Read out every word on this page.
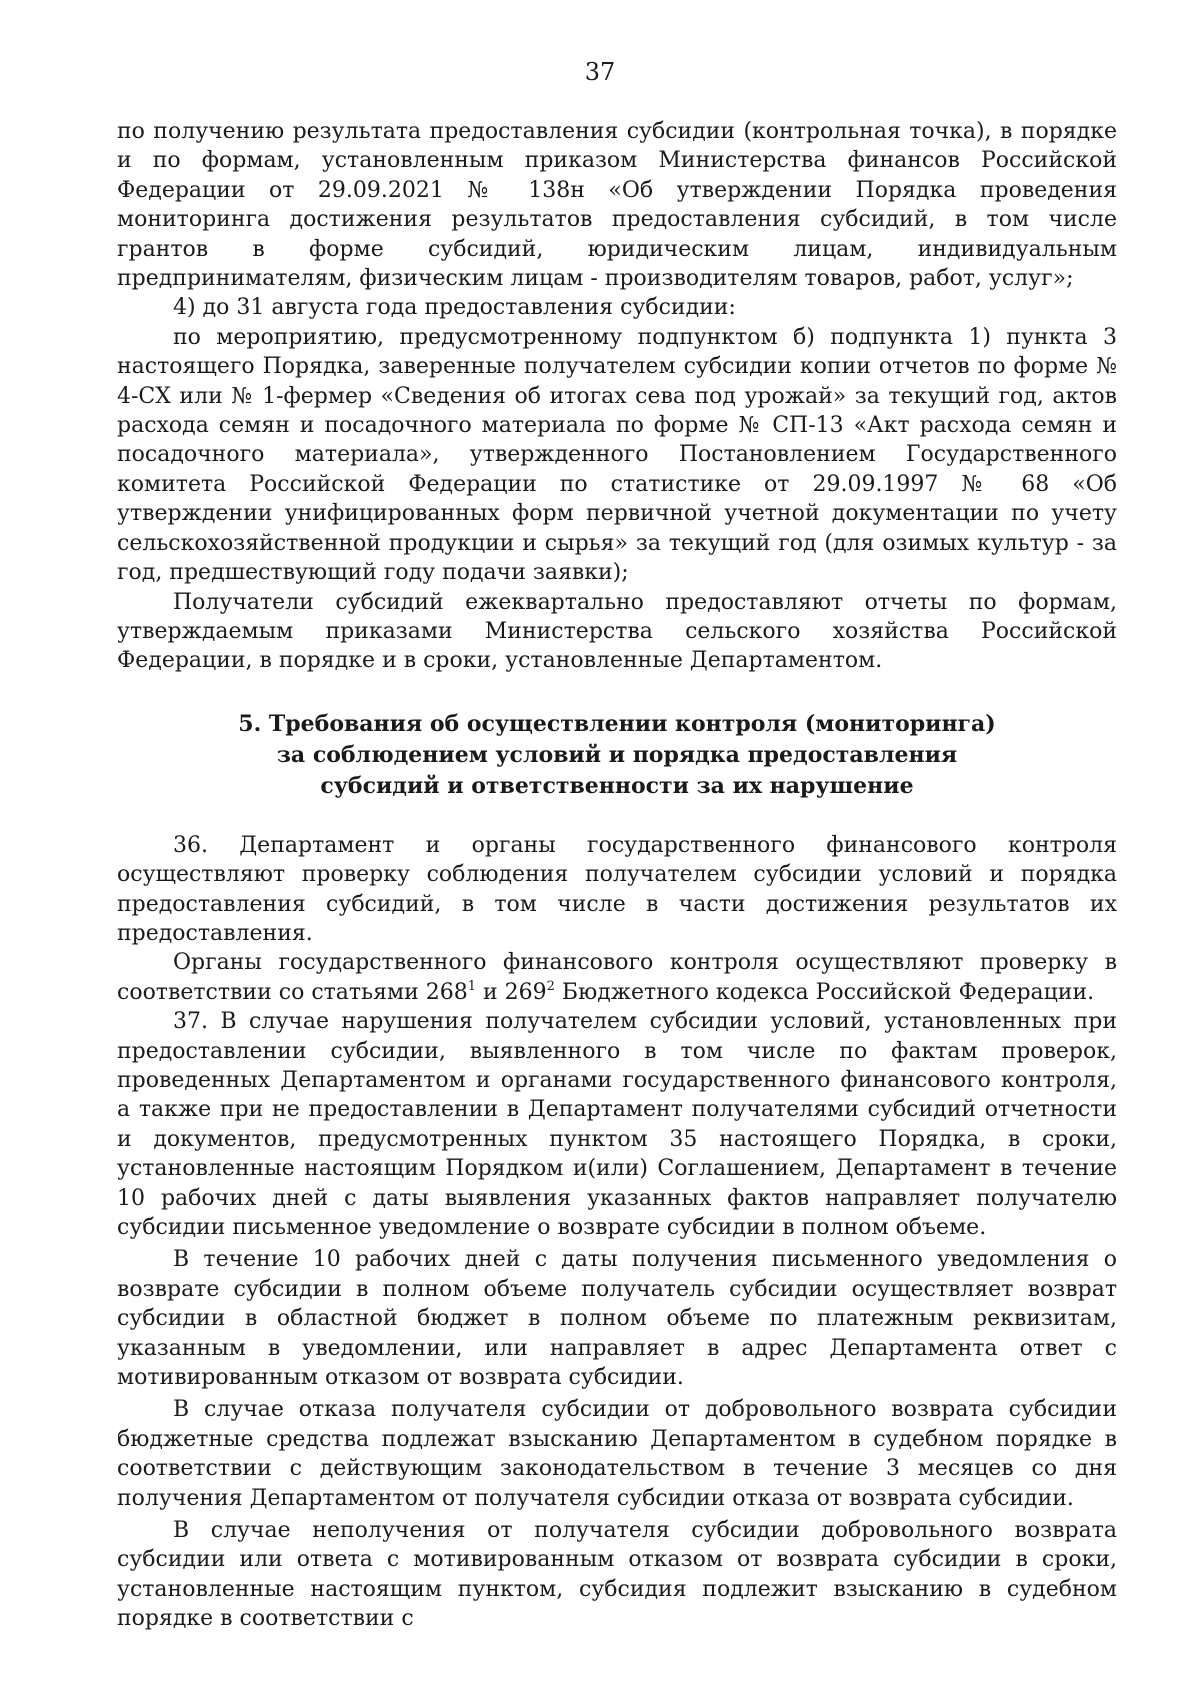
37

по получению результата предоставления субсидии (контрольная точка), в порядке и по формам, установленным приказом Министерства финансов Российской Федерации от 29.09.2021 № 138н «Об утверждении Порядка проведения мониторинга достижения результатов предоставления субсидий, в том числе грантов в форме субсидий, юридическим лицам, индивидуальным предпринимателям, физическим лицам - производителям товаров, работ, услуг»;

4) до 31 августа года предоставления субсидии:

по мероприятию, предусмотренному подпунктом б) подпункта 1) пункта 3 настоящего Порядка, заверенные получателем субсидии копии отчетов по форме № 4-СХ или № 1-фермер «Сведения об итогах сева под урожай» за текущий год, актов расхода семян и посадочного материала по форме № СП-13 «Акт расхода семян и посадочного материала», утвержденного Постановлением Государственного комитета Российской Федерации по статистике от 29.09.1997 № 68 «Об утверждении унифицированных форм первичной учетной документации по учету сельскохозяйственной продукции и сырья» за текущий год (для озимых культур - за год, предшествующий году подачи заявки);

Получатели субсидий ежеквартально предоставляют отчеты по формам, утверждаемым приказами Министерства сельского хозяйства Российской Федерации, в порядке и в сроки, установленные Департаментом.

5. Требования об осуществлении контроля (мониторинга)
за соблюдением условий и порядка предоставления
субсидий и ответственности за их нарушение

36. Департамент и органы государственного финансового контроля осуществляют проверку соблюдения получателем субсидии условий и порядка предоставления субсидий, в том числе в части достижения результатов их предоставления.

Органы государственного финансового контроля осуществляют проверку в соответствии со статьями $268^1$ и $269^2$ Бюджетного кодекса Российской Федерации.

37. В случае нарушения получателем субсидии условий, установленных при предоставлении субсидии, выявленного в том числе по фактам проверок, проведенных Департаментом и органами государственного финансового контроля, а также при не предоставлении в Департамент получателями субсидий отчетности и документов, предусмотренных пунктом 35 настоящего Порядка, в сроки, установленные настоящим Порядком и(или) Соглашением, Департамент в течение 10 рабочих дней с даты выявления указанных фактов направляет получателю субсидии письменное уведомление о возврате субсидии в полном объеме.

В течение 10 рабочих дней с даты получения письменного уведомления о возврате субсидии в полном объеме получатель субсидии осуществляет возврат субсидии в областной бюджет в полном объеме по платежным реквизитам, указанным в уведомлении, или направляет в адрес Департамента ответ с мотивированным отказом от возврата субсидии.

В случае отказа получателя субсидии от добровольного возврата субсидии бюджетные средства подлежат взысканию Департаментом в судебном порядке в соответствии с действующим законодательством в течение 3 месяцев со дня получения Департаментом от получателя субсидии отказа от возврата субсидии.

В случае неполучения от получателя субсидии добровольного возврата субсидии или ответа с мотивированным отказом от возврата субсидии в сроки, установленные настоящим пунктом, субсидия подлежит взысканию в судебном порядке в соответствии с
